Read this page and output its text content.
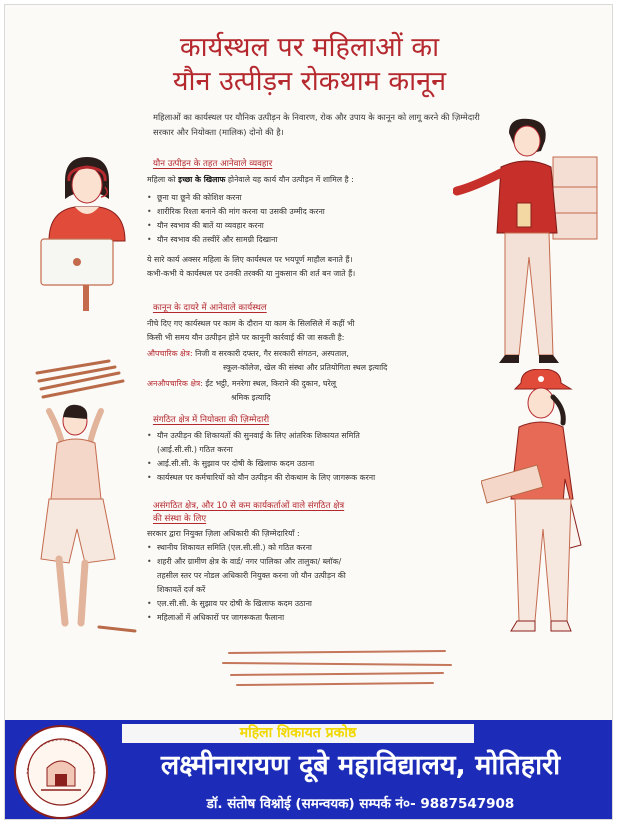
कार्यस्थल पर महिलाओं का
यौन उत्पीड़न रोकथाम कानून
महिलाओं का कार्यस्थल पर यौनिक उत्पीड़न के निवारण, रोक और उपाय के कानून को लागू करने की ज़िम्मेदारी सरकार और नियोक्ता (मालिक) दोनो की है।
यौन उत्पीड़न के तहत आनेवाले व्यवहार
महिला को इच्छा के खिलाफ होनेवाले यह कार्य यौन उत्पीड़न में शामिल है :
• छूना या छूने की कोशिश करना
• शारीरिक रिश्ता बनाने की मांग करना या उसकी उम्मीद करना
• यौन स्वभाव की बातें या व्यवहार करना
• यौन स्वभाव की तस्वीरें और सामग्री दिखाना
ये सारे कार्य अक्सर महिला के लिए कार्यस्थल पर भयपूर्ण माहौल बनाते हैं।
कभी-कभी ये कार्यस्थल पर उनकी तरक्की या नुकसान की शर्त बन जाते हैं।
कानून के दायरे में आनेवाले कार्यस्थल
नीचे दिए गए कार्यस्थल पर काम के दौरान या काम के सिलसिले में कहीं भी
किसी भी समय यौन उत्पीड़न होने पर कानूनी कार्रवाई की जा सकती है:
औपचारिक क्षेत्र: निजी व सरकारी दफ्तर, गैर सरकारी संगठन, अस्पताल,
स्कूल-कॉलेज, खेल की संस्था और प्रतियोगिता स्थल इत्यादि
अनऔपचारिक क्षेत्र: ईंट भट्ठी, मनरेगा स्थल, किराने की दुकान, घरेलू
श्रमिक इत्यादि
संगठित क्षेत्र में नियोक्ता की ज़िम्मेदारी
• यौन उत्पीड़न की शिकायतों की सुनवाई के लिए आंतरिक शिकायत समिति
(आई.सी.सी.) गठित करना
• आई.सी.सी. के सुझाव पर दोषी के खिलाफ कदम उठाना
• कार्यस्थल पर कर्मचारियों को यौन उत्पीड़न की रोकथाम के लिए जागरूक करना
असंगठित क्षेत्र, और 10 से कम कार्यकर्ताओं वाले संगठित क्षेत्र
की संस्था के लिए
सरकार द्वारा नियुक्त ज़िला अधिकारी की ज़िम्मेदारियाँ :
• स्थानीय शिकायत समिति (एल.सी.सी.) को गठित करना
• शहरी और ग्रामीण क्षेत्र के वार्ड/ नगर पालिका और तालुका/ ब्लॉक/
तहसील स्तर पर नोडल अधिकारी नियुक्त करना जो यौन उत्पीड़न की
शिकायतें दर्ज करें
• एल.सी.सी. के सुझाव पर दोषी के खिलाफ कदम उठाना
• महिलाओं में अधिकारों पर जागरूकता फैलाना
महिला शिकायत प्रकोष्ठ
लक्ष्मीनारायण दूबे महाविद्यालय, मोतिहारी
डॉ. संतोष विश्नोई (समन्वयक) सम्पर्क नं०- 9887547908
